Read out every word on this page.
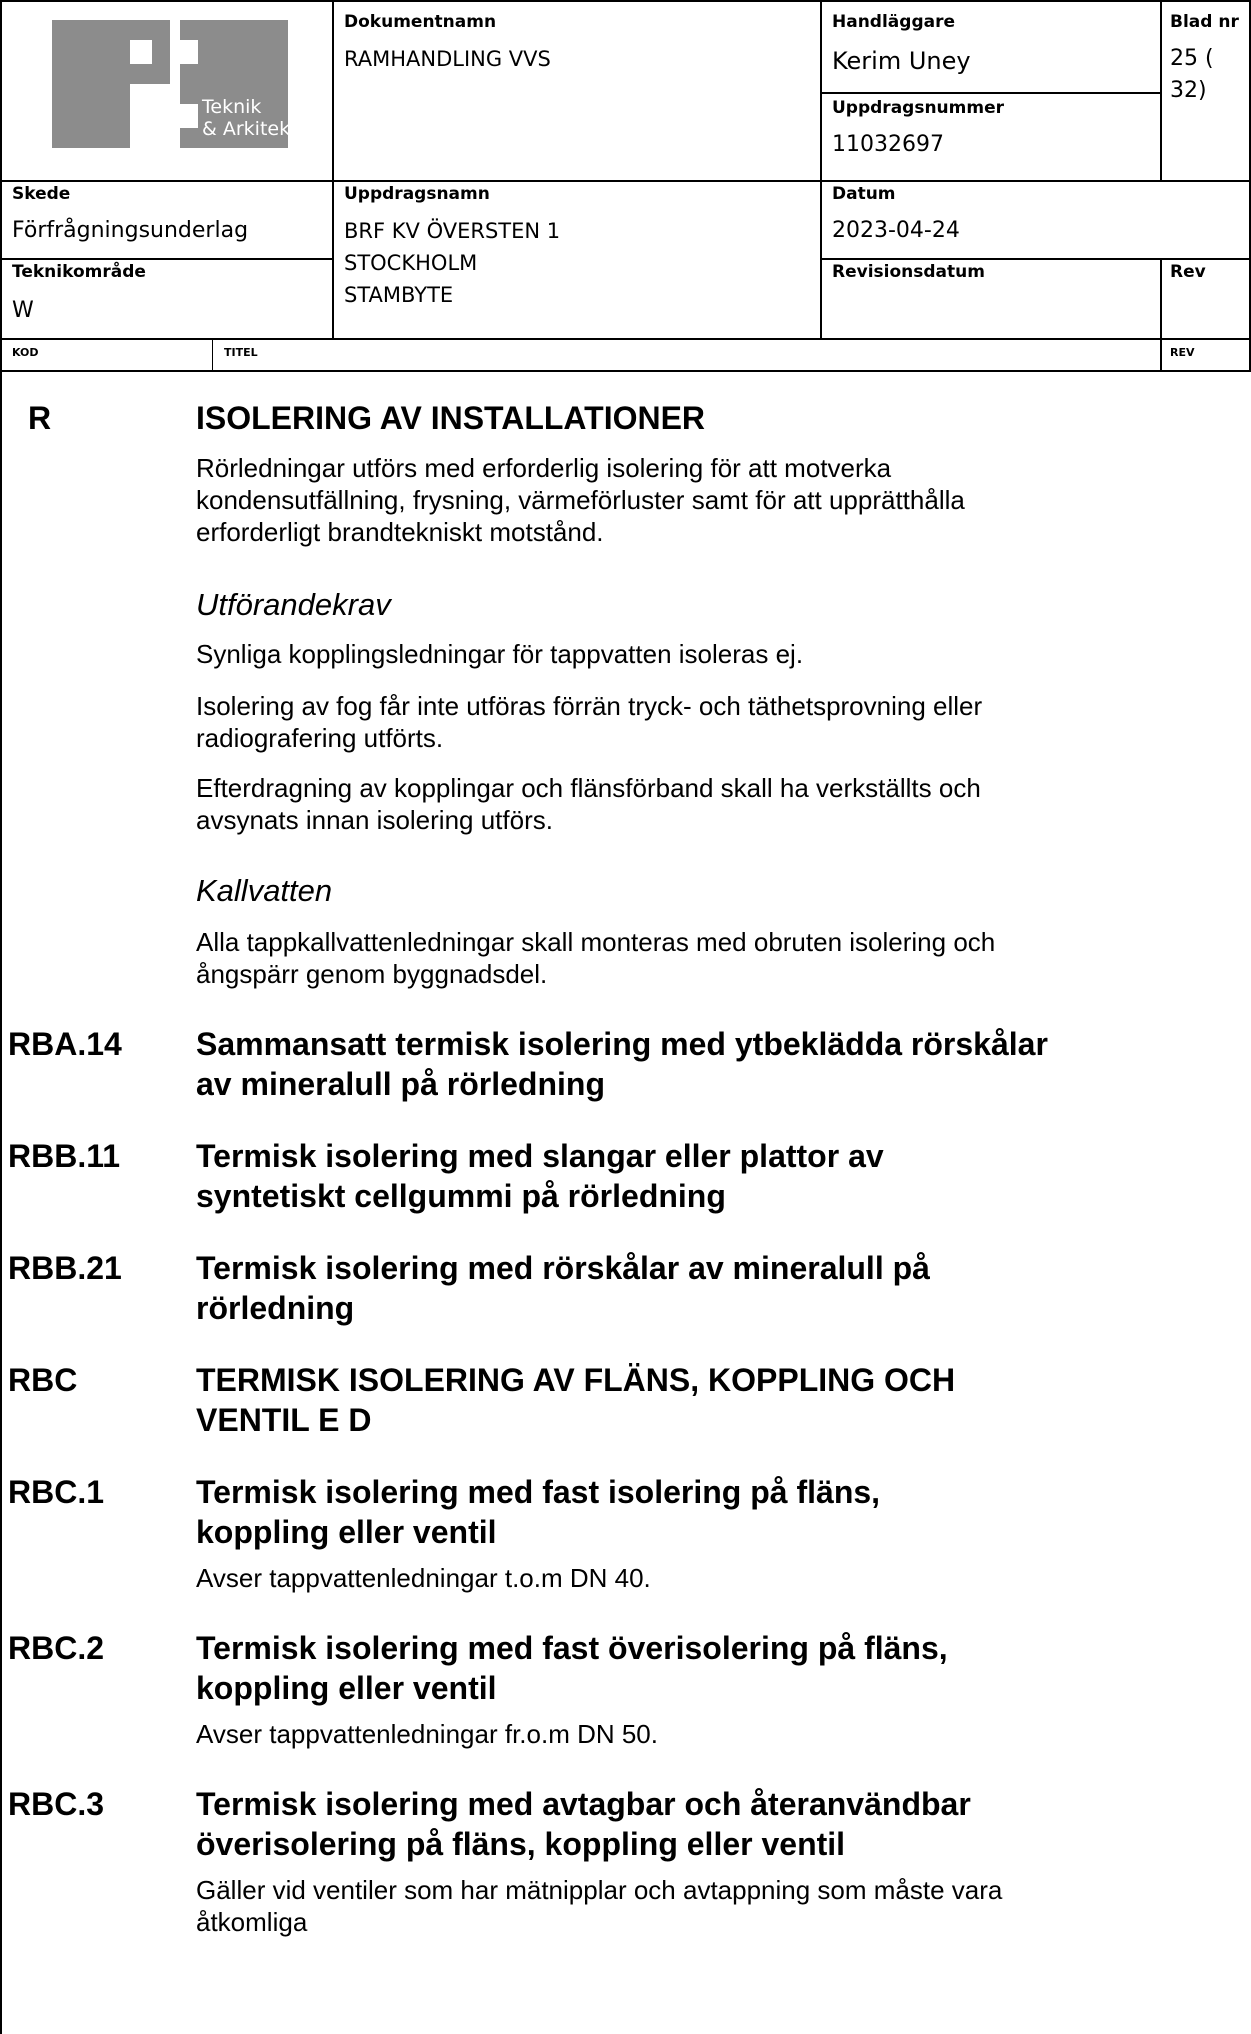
Teknik
& Arkitektur
Dokumentnamn
RAMHANDLING VVS
Handläggare
Kerim Uney
Blad nr
25 (
32)
Uppdragsnummer
11032697
Skede
Förfrågningsunderlag
Uppdragsnamn
BRF KV ÖVERSTEN 1
STOCKHOLM
STAMBYTE
Datum
2023-04-24
Teknikområde
W
Revisionsdatum	Rev
KOD	TITEL	REV
R	ISOLERING AV INSTALLATIONER
Rörledningar utförs med erforderlig isolering för att motverka
kondensutfällning, frysning, värmeförluster samt för att upprätthålla
erforderligt brandtekniskt motstånd.
Utförandekrav
Synliga kopplingsledningar för tappvatten isoleras ej.
Isolering av fog får inte utföras förrän tryck- och täthetsprovning eller
radiografering utförts.
Efterdragning av kopplingar och flänsförband skall ha verkställts och
avsynats innan isolering utförs.
Kallvatten
Alla tappkallvattenledningar skall monteras med obruten isolering och
ångspärr genom byggnadsdel.
RBA.14 Sammansatt termisk isolering med ytbeklädda rörskålar
av mineralull på rörledning
RBB.11 Termisk isolering med slangar eller plattor av
syntetiskt cellgummi på rörledning
RBB.21 Termisk isolering med rörskålar av mineralull på
rörledning
RBC	TERMISK ISOLERING AV FLÄNS, KOPPLING OCH
VENTIL E D
RBC.1	Termisk isolering med fast isolering på fläns,
koppling eller ventil
Avser tappvattenledningar t.o.m DN 40.
RBC.2	Termisk isolering med fast överisolering på fläns,
koppling eller ventil
Avser tappvattenledningar fr.o.m DN 50.
RBC.3	Termisk isolering med avtagbar och återanvändbar
överisolering på fläns, koppling eller ventil
Gäller vid ventiler som har mätnipplar och avtappning som måste vara
åtkomliga
